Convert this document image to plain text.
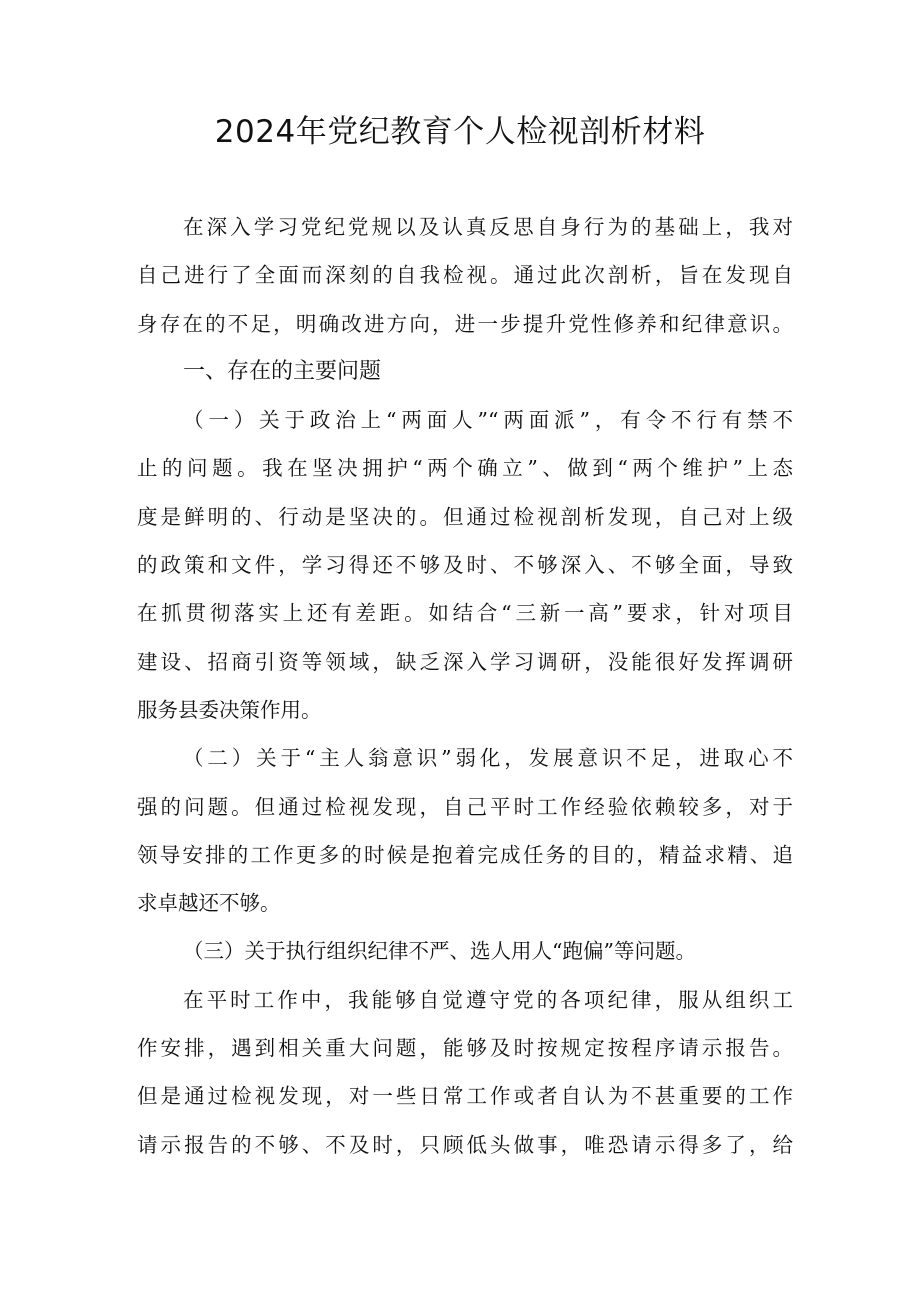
2024年党纪教育个人检视剖析材料
在深入学习党纪党规以及认真反思自身行为的基础上，我对
自己进行了全面而深刻的自我检视。通过此次剖析，旨在发现自
身存在的不足，明确改进方向，进一步提升党性修养和纪律意识。
一、存在的主要问题
（一）关于政治上“两面人”“两面派”，有令不行有禁不
止的问题。我在坚决拥护“两个确立”、做到“两个维护”上态
度是鲜明的、行动是坚决的。但通过检视剖析发现，自己对上级
的政策和文件，学习得还不够及时、不够深入、不够全面，导致
在抓贯彻落实上还有差距。如结合“三新一高”要求，针对项目
建设、招商引资等领域，缺乏深入学习调研，没能很好发挥调研
服务县委决策作用。
（二）关于“主人翁意识”弱化，发展意识不足，进取心不
强的问题。但通过检视发现，自己平时工作经验依赖较多，对于
领导安排的工作更多的时候是抱着完成任务的目的，精益求精、追
求卓越还不够。
（三）关于执行组织纪律不严、选人用人“跑偏”等问题。
在平时工作中，我能够自觉遵守党的各项纪律，服从组织工
作安排，遇到相关重大问题，能够及时按规定按程序请示报告。
但是通过检视发现，对一些日常工作或者自认为不甚重要的工作
请示报告的不够、不及时，只顾低头做事，唯恐请示得多了，给
